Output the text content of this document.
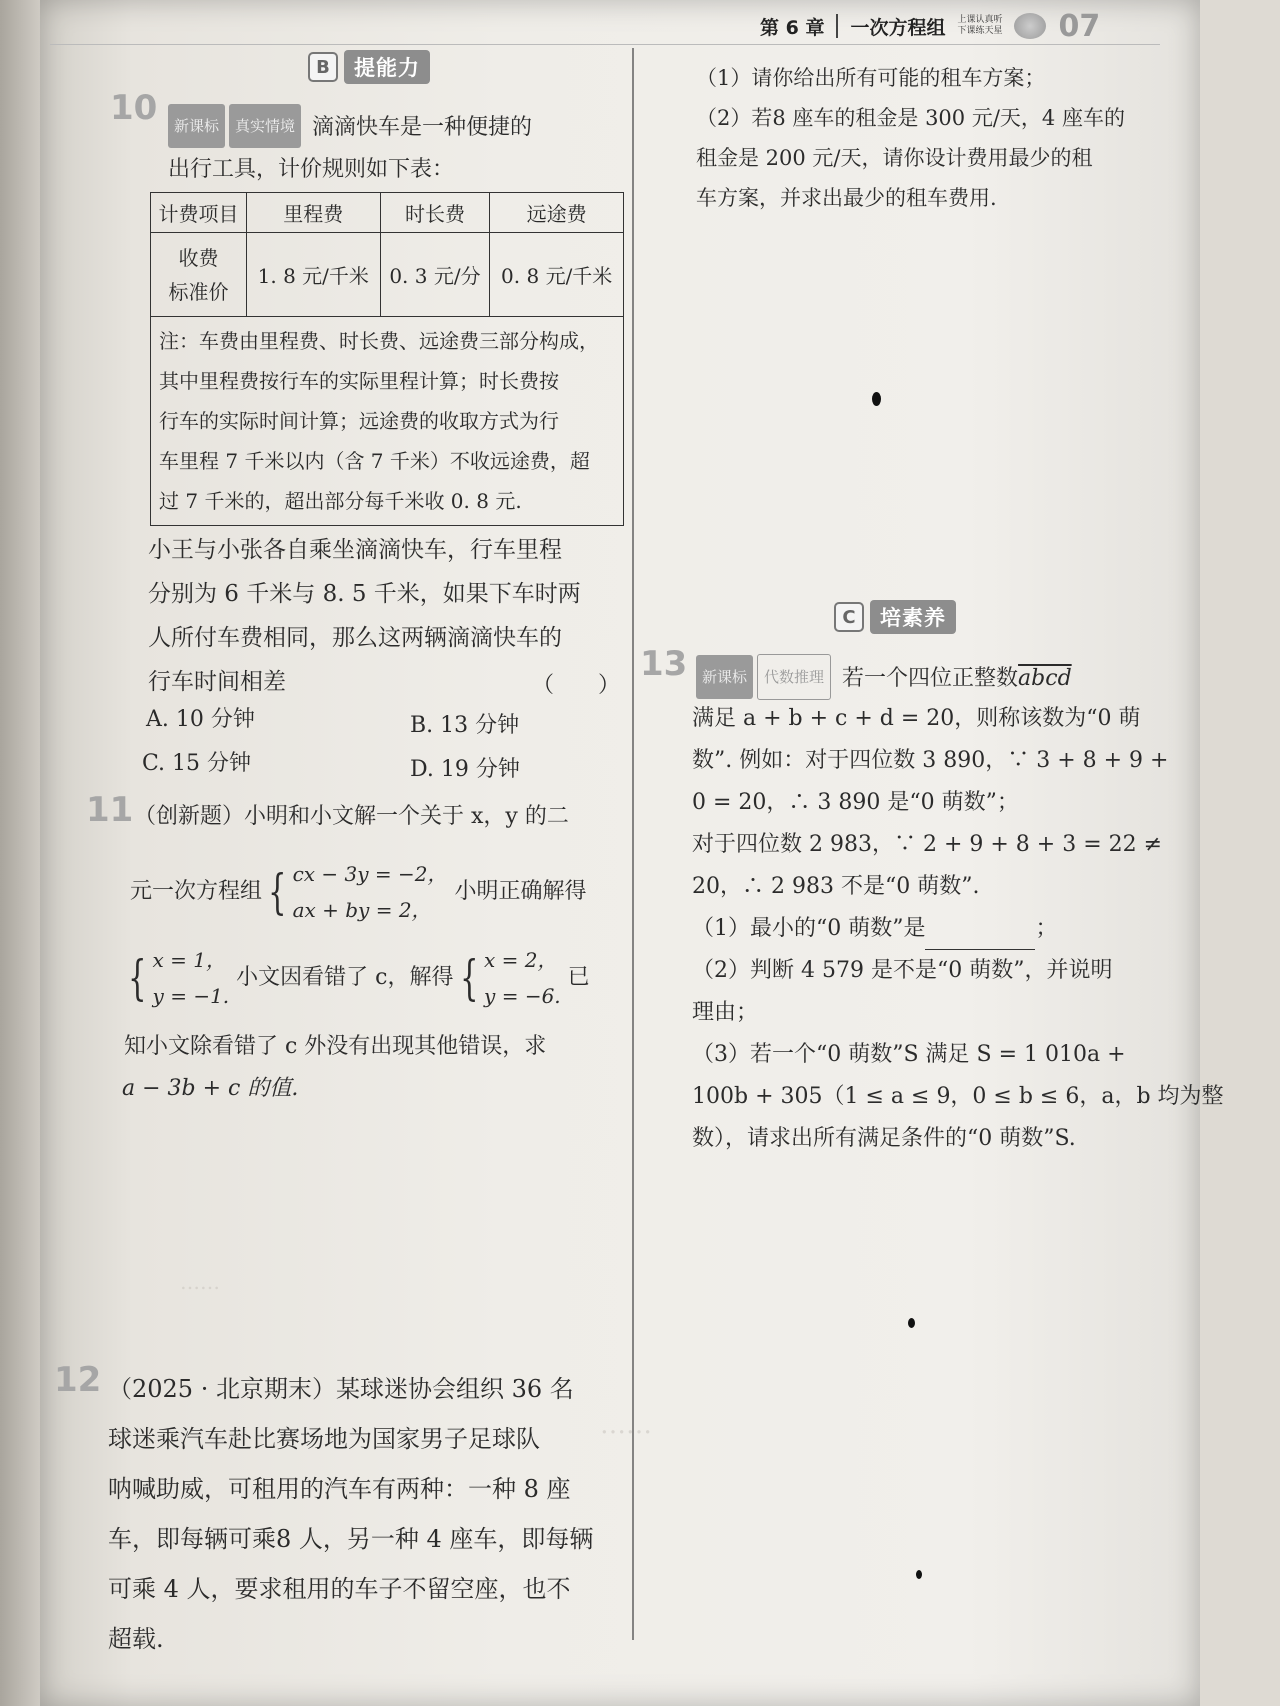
第 6 章 一次方程组 上课认真听
下课练天星 07
B	提能力
10	新课标 真实情境 滴滴快车是一种便捷的
出行工具，计价规则如下表：
计费项目	里程费	时长费	远途费
收费
标准价	1. 8 元/千米	0. 3 元/分	0. 8 元/千米

注：车费由里程费、时长费、远途费三部分构成，
其中里程费按行车的实际里程计算；时长费按
行车的实际时间计算；远途费的收取方式为行
车里程 7 千米以内（含 7 千米）不收远途费，超
过 7 千米的，超出部分每千米收 0. 8 元.			
小王与小张各自乘坐滴滴快车，行车里程
分别为 6 千米与 8. 5 千米，如果下车时两
人所付车费相同，那么这两辆滴滴快车的
行车时间相差	（　　）
A. 10 分钟	B. 13 分钟
C. 15 分钟	D. 19 分钟
11 （创新题）小明和小文解一个关于 x，y 的二
元一次方程组 { cx − 3y = −2，
ax + by = 2， 小明正确解得
{ x = 1，
y = −1. 小文因看错了 c，解得 { x = 2，
y = −6. 已
知小文除看错了 c 外没有出现其他错误，求
a − 3b + c 的值.
……
……
12 （2025 · 北京期末）某球迷协会组织 36 名
球迷乘汽车赴比赛场地为国家男子足球队
呐喊助威，可租用的汽车有两种：一种 8 座
车，即每辆可乘8 人，另一种 4 座车，即每辆
可乘 4 人，要求租用的车子不留空座，也不
超载.
（1）请你给出所有可能的租车方案；
（2）若8 座车的租金是 300 元/天，4 座车的
租金是 200 元/天，请你设计费用最少的租
车方案，并求出最少的租车费用.
C	培素养
13 新课标 代数推理 若一个四位正整数abcd
满足 a + b + c + d = 20，则称该数为“0 萌
数”. 例如：对于四位数 3 890，∵ 3 + 8 + 9 +
0 = 20，∴ 3 890 是“0 萌数”；
对于四位数 2 983，∵ 2 + 9 + 8 + 3 = 22 ≠
20，∴ 2 983 不是“0 萌数”.
（1）最小的“0 萌数”是	；
（2）判断 4 579 是不是“0 萌数”，并说明
理由；
（3）若一个“0 萌数”S 满足 S = 1 010a +
100b + 305（1 ≤ a ≤ 9，0 ≤ b ≤ 6，a，b 均为整
数），请求出所有满足条件的“0 萌数”S.
